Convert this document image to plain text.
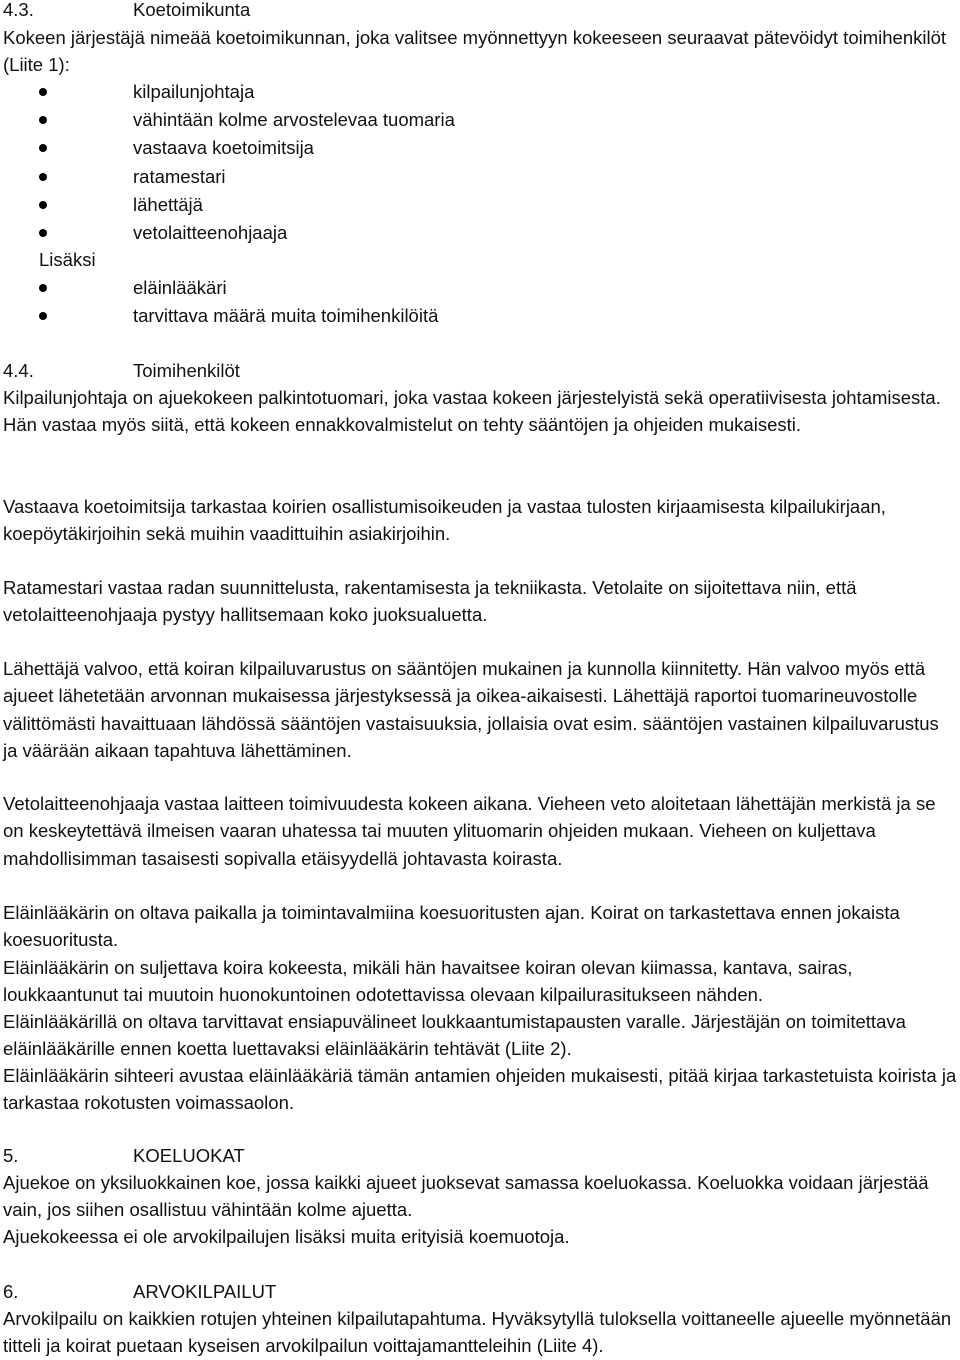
4.3.	Koetoimikunta

Kokeen järjestäjä nimeää koetoimikunnan, joka valitsee myönnettyyn kokeeseen seuraavat pätevöidyt toimihenkilöt (Liite 1):

kilpailunjohtaja
vähintään kolme arvostelevaa tuomaria
vastaava koetoimitsija
ratamestari
lähettäjä
vetolaitteenohjaaja
Lisäksi
eläinlääkäri
tarvittava määrä muita toimihenkilöitä
4.4.	Toimihenkilöt

Kilpailunjohtaja on ajuekokeen palkintotuomari, joka vastaa kokeen järjestelyistä sekä operatiivisesta johtamisesta. Hän vastaa myös siitä, että kokeen ennakkovalmistelut on tehty sääntöjen ja ohjeiden mukaisesti.

Vastaava koetoimitsija tarkastaa koirien osallistumisoikeuden ja vastaa tulosten kirjaamisesta kilpailukirjaan, koepöytäkirjoihin sekä muihin vaadittuihin asiakirjoihin.

Ratamestari vastaa radan suunnittelusta, rakentamisesta ja tekniikasta. Vetolaite on sijoitettava niin, että vetolaitteenohjaaja pystyy hallitsemaan koko juoksualuetta.

Lähettäjä valvoo, että koiran kilpailuvarustus on sääntöjen mukainen ja kunnolla kiinnitetty. Hän valvoo myös että ajueet lähetetään arvonnan mukaisessa järjestyksessä ja oikea-aikaisesti. Lähettäjä raportoi tuomarineuvostolle välittömästi havaittuaan lähdössä sääntöjen vastaisuuksia, jollaisia ovat esim. sääntöjen vastainen kilpailuvarustus ja väärään aikaan tapahtuva lähettäminen.

Vetolaitteenohjaaja vastaa laitteen toimivuudesta kokeen aikana. Vieheen veto aloitetaan lähettäjän merkistä ja se on keskeytettävä ilmeisen vaaran uhatessa tai muuten ylituomarin ohjeiden mukaan. Vieheen on kuljettava mahdollisimman tasaisesti sopivalla etäisyydellä johtavasta koirasta.

Eläinlääkärin on oltava paikalla ja toimintavalmiina koesuoritusten ajan. Koirat on tarkastettava ennen jokaista koesuoritusta.

Eläinlääkärin on suljettava koira kokeesta, mikäli hän havaitsee koiran olevan kiimassa, kantava, sairas, loukkaantunut tai muutoin huonokuntoinen odotettavissa olevaan kilpailurasitukseen nähden.

Eläinlääkärillä on oltava tarvittavat ensiapuvälineet loukkaantumistapausten varalle. Järjestäjän on toimitettava eläinlääkärille ennen koetta luettavaksi eläinlääkärin tehtävät (Liite 2).

Eläinlääkärin sihteeri avustaa eläinlääkäriä tämän antamien ohjeiden mukaisesti, pitää kirjaa tarkastetuista koirista ja tarkastaa rokotusten voimassaolon.

5.	KOELUOKAT

Ajuekoe on yksiluokkainen koe, jossa kaikki ajueet juoksevat samassa koeluokassa. Koeluokka voidaan järjestää vain, jos siihen osallistuu vähintään kolme ajuetta.

Ajuekokeessa ei ole arvokilpailujen lisäksi muita erityisiä koemuotoja.

6.	ARVOKILPAILUT

Arvokilpailu on kaikkien rotujen yhteinen kilpailutapahtuma. Hyväksytyllä tuloksella voittaneelle ajueelle myönnetään titteli ja koirat puetaan kyseisen arvokilpailun voittajamantteleihin (Liite 4).
